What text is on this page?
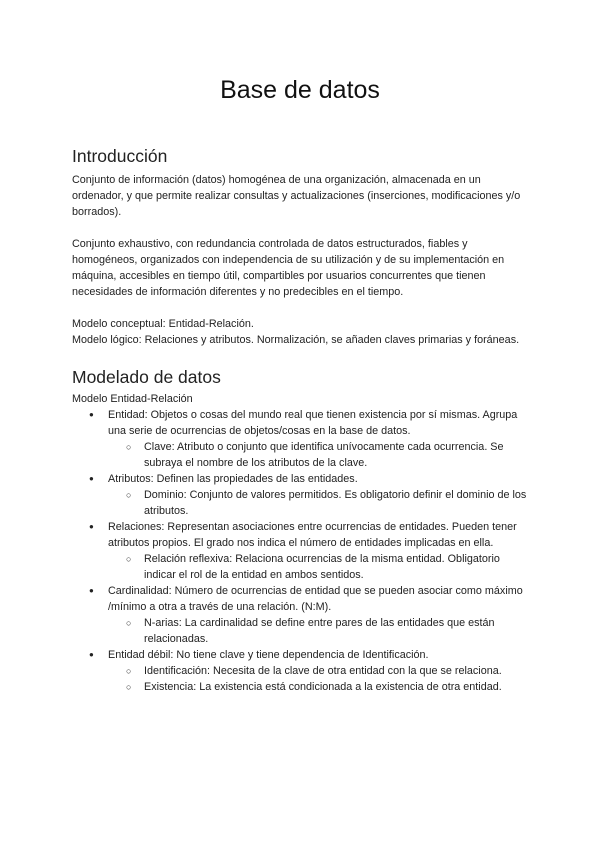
Base de datos
Introducción

Conjunto de información (datos) homogénea de una organización, almacenada en un ordenador, y que permite realizar consultas y actualizaciones (inserciones, modificaciones y/o borrados).

Conjunto exhaustivo, con redundancia controlada de datos estructurados, fiables y homogéneos, organizados con independencia de su utilización y de su implementación en máquina, accesibles en tiempo útil, compartibles por usuarios concurrentes que tienen necesidades de información diferentes y no predecibles en el tiempo.

Modelo conceptual: Entidad-Relación.
Modelo lógico: Relaciones y atributos. Normalización, se añaden claves primarias y foráneas.

Modelado de datos
Modelo Entidad-Relación
● Entidad: Objetos o cosas del mundo real que tienen existencia por sí mismas. Agrupa una serie de ocurrencias de objetos/cosas en la base de datos.
○ Clave: Atributo o conjunto que identifica unívocamente cada ocurrencia. Se subraya el nombre de los atributos de la clave.
● Atributos: Definen las propiedades de las entidades.
○ Dominio: Conjunto de valores permitidos. Es obligatorio definir el dominio de los atributos.
● Relaciones: Representan asociaciones entre ocurrencias de entidades. Pueden tener atributos propios. El grado nos indica el número de entidades implicadas en ella.
○ Relación reflexiva: Relaciona ocurrencias de la misma entidad. Obligatorio indicar el rol de la entidad en ambos sentidos.
● Cardinalidad: Número de ocurrencias de entidad que se pueden asociar como máximo /mínimo a otra a través de una relación. (N:M).
○ N-arias: La cardinalidad se define entre pares de las entidades que están relacionadas.
● Entidad débil: No tiene clave y tiene dependencia de Identificación.
○ Identificación: Necesita de la clave de otra entidad con la que se relaciona.
○ Existencia: La existencia está condicionada a la existencia de otra entidad.
